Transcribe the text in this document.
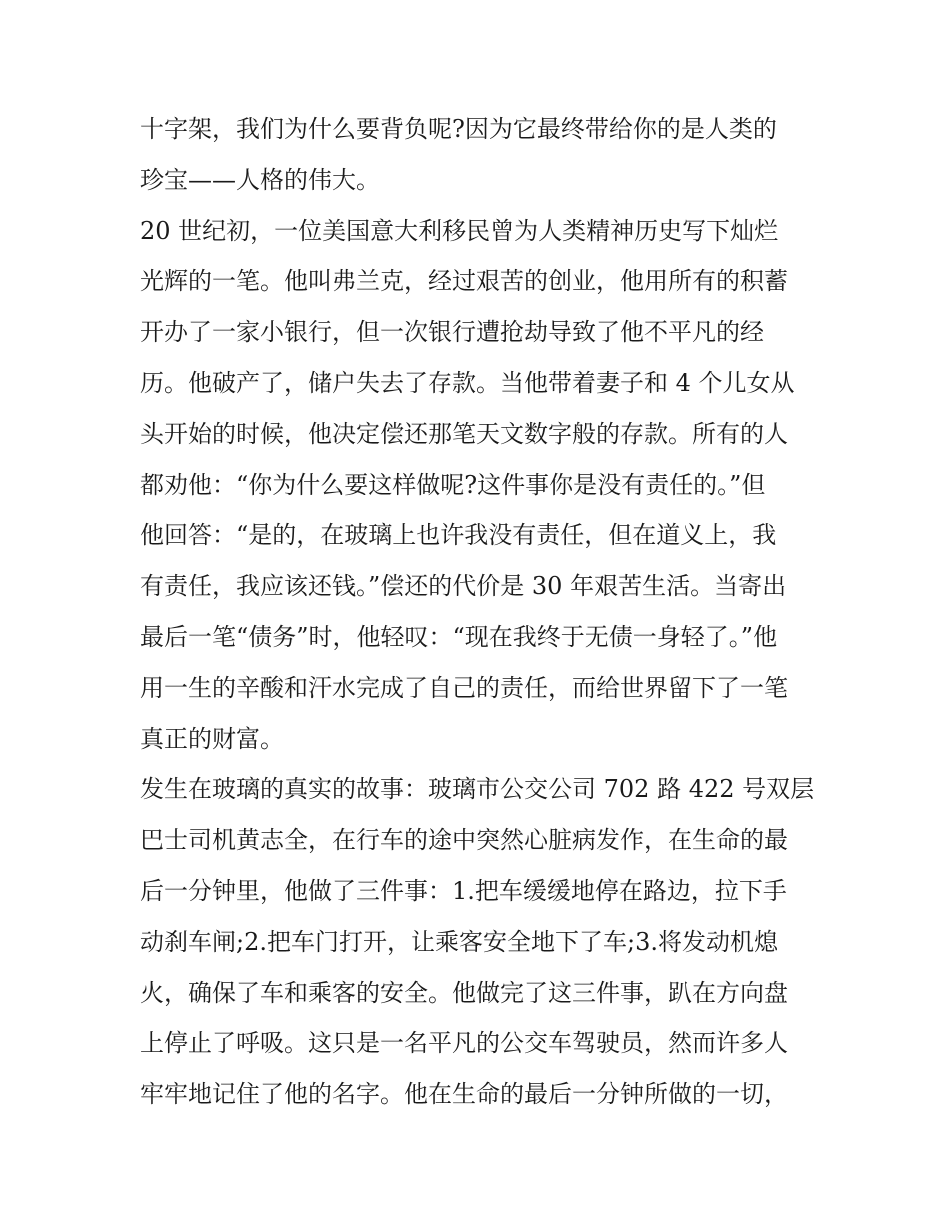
十字架，我们为什么要背负呢?因为它最终带给你的是人类的
珍宝——人格的伟大。
20 世纪初，一位美国意大利移民曾为人类精神历史写下灿烂
光辉的一笔。他叫弗兰克，经过艰苦的创业，他用所有的积蓄
开办了一家小银行，但一次银行遭抢劫导致了他不平凡的经
历。他破产了，储户失去了存款。当他带着妻子和 4 个儿女从
头开始的时候，他决定偿还那笔天文数字般的存款。所有的人
都劝他：“你为什么要这样做呢?这件事你是没有责任的。”但
他回答：“是的，在玻璃上也许我没有责任，但在道义上，我
有责任，我应该还钱。”偿还的代价是 30 年艰苦生活。当寄出
最后一笔“债务”时，他轻叹：“现在我终于无债一身轻了。”他
用一生的辛酸和汗水完成了自己的责任，而给世界留下了一笔
真正的财富。
发生在玻璃的真实的故事：玻璃市公交公司 702 路 422 号双层
巴士司机黄志全，在行车的途中突然心脏病发作，在生命的最
后一分钟里，他做了三件事：1.把车缓缓地停在路边，拉下手
动刹车闸;2.把车门打开，让乘客安全地下了车;3.将发动机熄
火，确保了车和乘客的安全。他做完了这三件事，趴在方向盘
上停止了呼吸。这只是一名平凡的公交车驾驶员，然而许多人
牢牢地记住了他的名字。他在生命的最后一分钟所做的一切，
